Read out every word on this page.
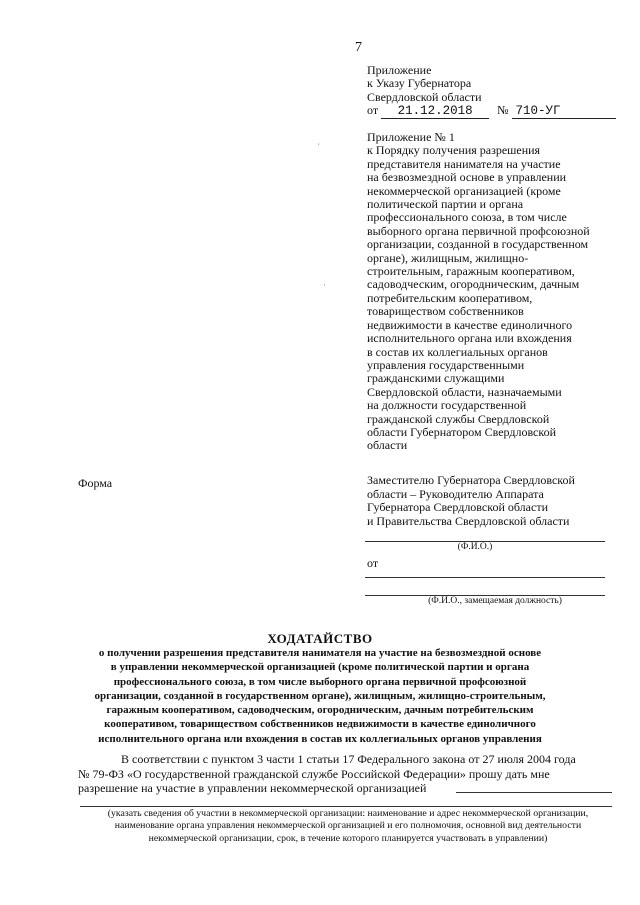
7
Приложение
к Указу Губернатора
Свердловской области
от	21.12.2018	№ 710-УГ
Приложение № 1
к Порядку получения разрешения
представителя нанимателя на участие
на безвозмездной основе в управлении
некоммерческой организацией (кроме
политической партии и органа
профессионального союза, в том числе
выборного органа первичной профсоюзной
организации, созданной в государственном
органе), жилищным, жилищно-
строительным, гаражным кооперативом,
садоводческим, огородническим, дачным
потребительским кооперативом,
товариществом собственников
недвижимости в качестве единоличного
исполнительного органа или вхождения
в состав их коллегиальных органов
управления государственными
гражданскими служащими
Свердловской области, назначаемыми
на должности государственной
гражданской службы Свердловской
области Губернатором Свердловской
области
Форма	Заместителю Губернатора Свердловской
области – Руководителю Аппарата
Губернатора Свердловской области
и Правительства Свердловской области
(Ф.И.О.)
от
(Ф.И.О., замещаемая должность)
ХОДАТАЙСТВО
о получении разрешения представителя нанимателя на участие на безвозмездной основе
в управлении некоммерческой организацией (кроме политической партии и органа
профессионального союза, в том числе выборного органа первичной профсоюзной
организации, созданной в государственном органе), жилищным, жилищно-строительным,
гаражным кооперативом, садоводческим, огородническим, дачным потребительским
кооперативом, товариществом собственников недвижимости в качестве единоличного
исполнительного органа или вхождения в состав их коллегиальных органов управления
В соответствии с пунктом 3 части 1 статьи 17 Федерального закона от 27 июля 2004 года
№ 79-ФЗ «О государственной гражданской службе Российской Федерации» прошу дать мне
разрешение на участие в управлении некоммерческой организацией
(указать сведения об участии в некоммерческой организации: наименование и адрес некоммерческой организации,
наименование органа управления некоммерческой организацией и его полномочия, основной вид деятельности
некоммерческой организации, срок, в течение которого планируется участвовать в управлении)
'
·
